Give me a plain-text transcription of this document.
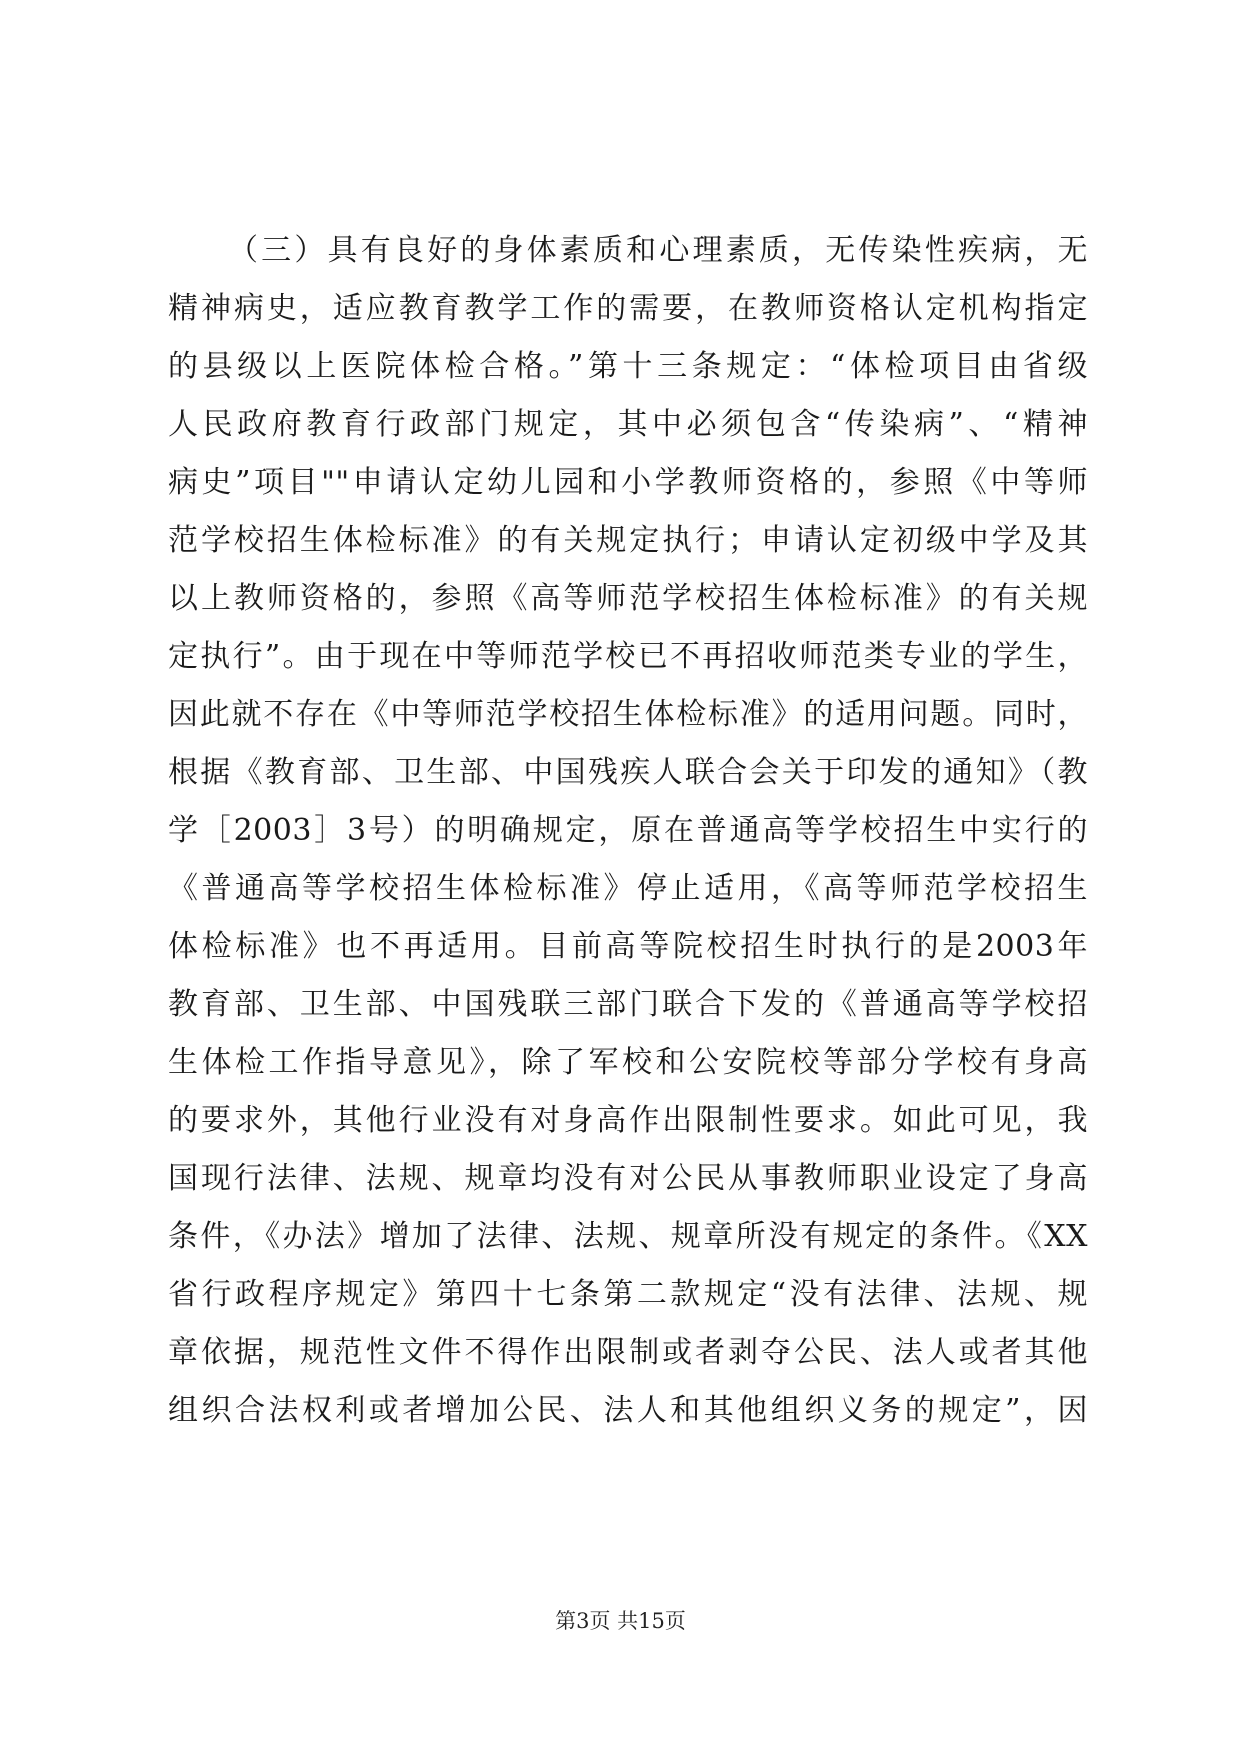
（三）具有良好的身体素质和心理素质，无传染性疾病，无
精神病史，适应教育教学工作的需要，在教师资格认定机构指定
的县级以上医院体检合格。”第十三条规定：“体检项目由省级
人民政府教育行政部门规定，其中必须包含“传染病”、“精神
病史”项目""申请认定幼儿园和小学教师资格的，参照《中等师
范学校招生体检标准》的有关规定执行；申请认定初级中学及其
以上教师资格的，参照《高等师范学校招生体检标准》的有关规
定执行”。由于现在中等师范学校已不再招收师范类专业的学生，
因此就不存在《中等师范学校招生体检标准》的适用问题。同时，
根据《教育部、卫生部、中国残疾人联合会关于印发的通知》（教
学［2003］3号）的明确规定，原在普通高等学校招生中实行的
《普通高等学校招生体检标准》停止适用，《高等师范学校招生
体检标准》也不再适用。目前高等院校招生时执行的是2003年
教育部、卫生部、中国残联三部门联合下发的《普通高等学校招
生体检工作指导意见》，除了军校和公安院校等部分学校有身高
的要求外，其他行业没有对身高作出限制性要求。如此可见，我
国现行法律、法规、规章均没有对公民从事教师职业设定了身高
条件，《办法》增加了法律、法规、规章所没有规定的条件。《XX
省行政程序规定》第四十七条第二款规定“没有法律、法规、规
章依据，规范性文件不得作出限制或者剥夺公民、法人或者其他
组织合法权利或者增加公民、法人和其他组织义务的规定”，因
第3页 共15页
